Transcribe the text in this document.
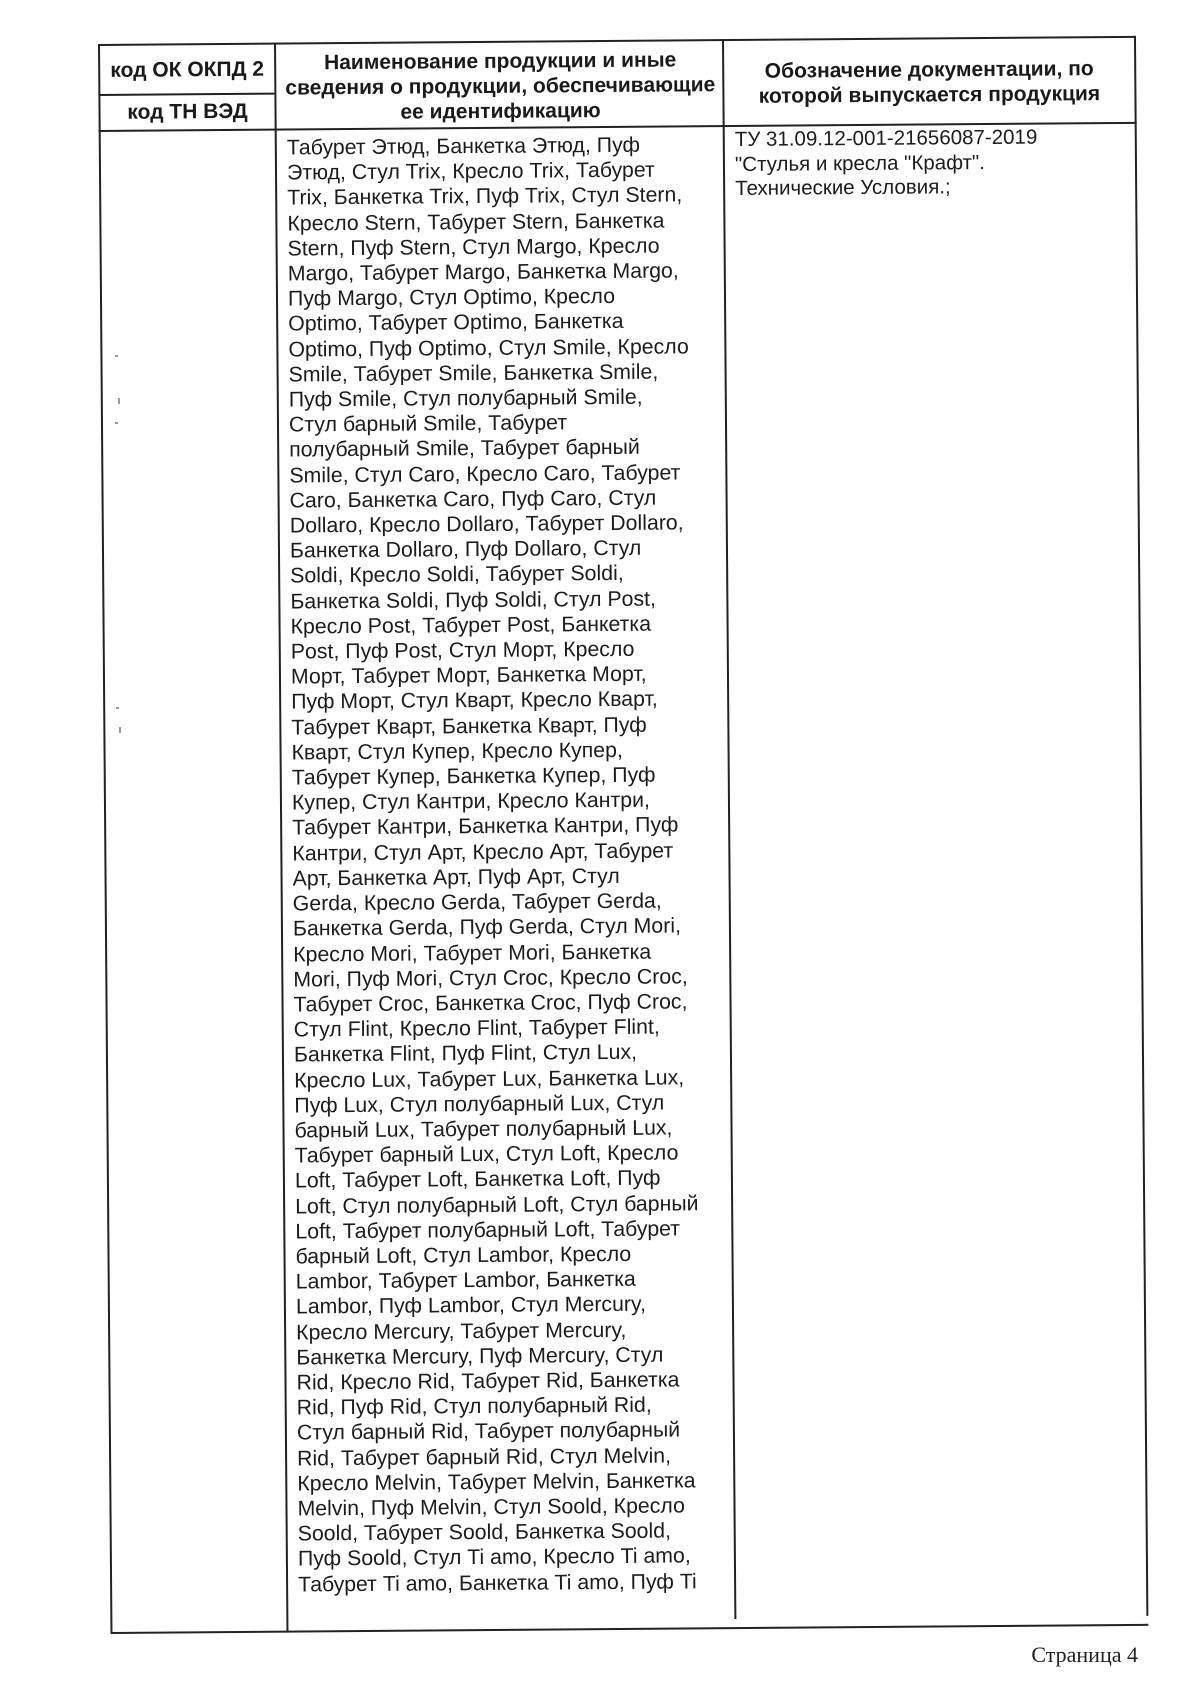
код ОК ОКПД 2
код ТН ВЭД
Наименование продукции и иные сведения о продукции, обеспечивающие ее идентификацию
Обозначение документации, по которой выпускается продукция
Табурет Этюд, Банкетка Этюд, Пуф
Этюд, Стул Trix, Кресло Trix, Табурет
Trix, Банкетка Trix, Пуф Trix, Стул Stern,
Кресло Stern, Табурет Stern, Банкетка
Stern, Пуф Stern, Стул Margo, Кресло
Margo, Табурет Margo, Банкетка Margo,
Пуф Margo, Стул Optimo, Кресло
Optimo, Табурет Optimo, Банкетка
Optimo, Пуф Optimo, Стул Smile, Кресло
Smile, Табурет Smile, Банкетка Smile,
Пуф Smile, Стул полубарный Smile,
Стул барный Smile, Табурет
полубарный Smile, Табурет барный
Smile, Стул Caro, Кресло Caro, Табурет
Caro, Банкетка Caro, Пуф Caro, Стул
Dollaro, Кресло Dollaro, Табурет Dollaro,
Банкетка Dollaro, Пуф Dollaro, Стул
Soldi, Кресло Soldi, Табурет Soldi,
Банкетка Soldi, Пуф Soldi, Стул Post,
Кресло Post, Табурет Post, Банкетка
Post, Пуф Post, Стул Морт, Кресло
Морт, Табурет Морт, Банкетка Морт,
Пуф Морт, Стул Кварт, Кресло Кварт,
Табурет Кварт, Банкетка Кварт, Пуф
Кварт, Стул Купер, Кресло Купер,
Табурет Купер, Банкетка Купер, Пуф
Купер, Стул Кантри, Кресло Кантри,
Табурет Кантри, Банкетка Кантри, Пуф
Кантри, Стул Арт, Кресло Арт, Табурет
Арт, Банкетка Арт, Пуф Арт, Стул
Gerda, Кресло Gerda, Табурет Gerda,
Банкетка Gerda, Пуф Gerda, Стул Mori,
Кресло Mori, Табурет Mori, Банкетка
Mori, Пуф Mori, Стул Croc, Кресло Croc,
Табурет Croc, Банкетка Croc, Пуф Croc,
Стул Flint, Кресло Flint, Табурет Flint,
Банкетка Flint, Пуф Flint, Стул Lux,
Кресло Lux, Табурет Lux, Банкетка Lux,
Пуф Lux, Стул полубарный Lux, Стул
барный Lux, Табурет полубарный Lux,
Табурет барный Lux, Стул Loft, Кресло
Loft, Табурет Loft, Банкетка Loft, Пуф
Loft, Стул полубарный Loft, Стул барный
Loft, Табурет полубарный Loft, Табурет
барный Loft, Стул Lambor, Кресло
Lambor, Табурет Lambor, Банкетка
Lambor, Пуф Lambor, Стул Mercury,
Кресло Mercury, Табурет Mercury,
Банкетка Mercury, Пуф Mercury, Стул
Rid, Кресло Rid, Табурет Rid, Банкетка
Rid, Пуф Rid, Стул полубарный Rid,
Стул барный Rid, Табурет полубарный
Rid, Табурет барный Rid, Стул Melvin,
Кресло Melvin, Табурет Melvin, Банкетка
Melvin, Пуф Melvin, Стул Soold, Кресло
Soold, Табурет Soold, Банкетка Soold,
Пуф Soold, Стул Ti amo, Кресло Ti amo,
Табурет Ti amo, Банкетка Ti amo, Пуф Ti
ТУ 31.09.12-001-21656087-2019
"Стулья и кресла "Крафт".
Технические Условия.;
Страница 4
